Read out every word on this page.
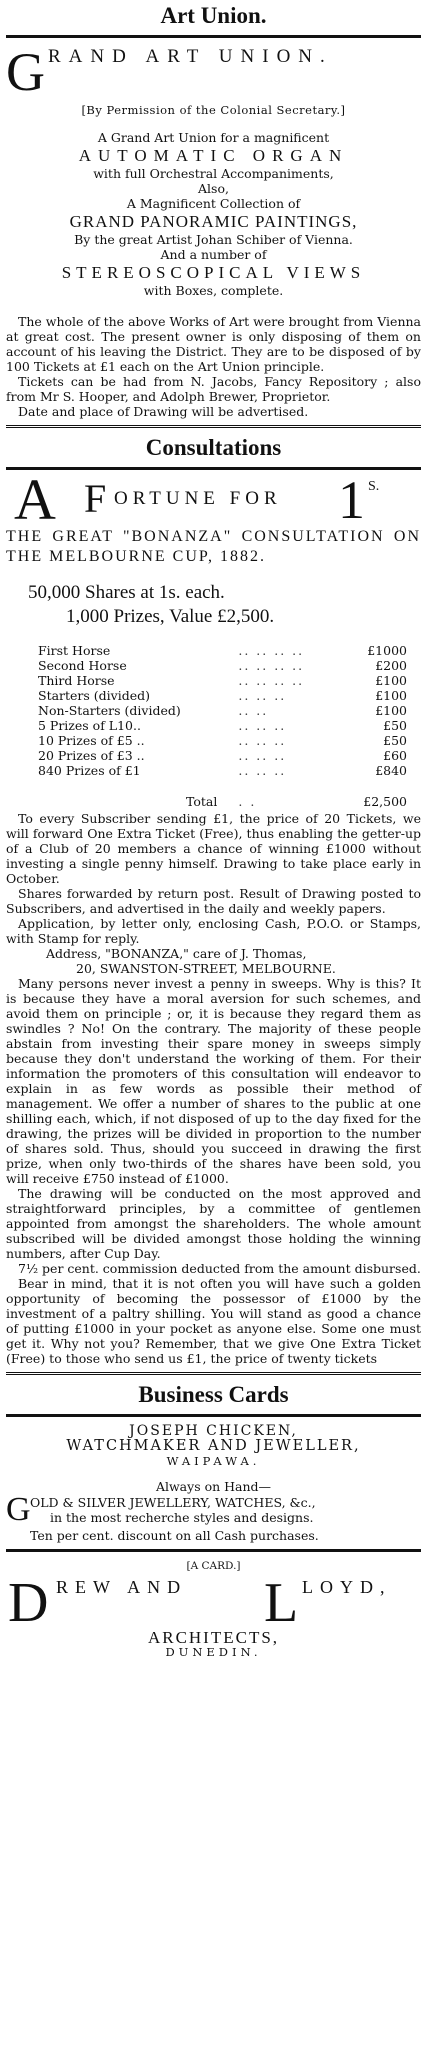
Art Union.
G RAND ART UNION.

[By Permission of the Colonial Secretary.]

A Grand Art Union for a magnificent

AUTOMATIC ORGAN

with full Orchestral Accompaniments,

Also,

A Magnificent Collection of

GRAND PANORAMIC PAINTINGS,

By the great Artist Johan Schiber of Vienna.

And a number of

STEREOSCOPICAL VIEWS

with Boxes, complete.

The whole of the above Works of Art were brought from Vienna at great cost. The present owner is only disposing of them on account of his leaving the District. They are to be disposed of by 100 Tickets at £1 each on the Art Union principle.

Tickets can be had from N. Jacobs, Fancy Repository ; also from Mr S. Hooper, and Adolph Brewer, Proprietor.

Date and place of Drawing will be advertised.

Consultations
A F ORTUNE FOR 1 S.

THE GREAT "BONANZA" CONSULTATION ON THE MELBOURNE CUP, 1882.

50,000 Shares at 1s. each.

1,000 Prizes, Value £2,500.

First Horse	.. .. .. ..	£1000
Second Horse	.. .. .. ..	£200
Third Horse	.. .. .. ..	£100
Starters (divided)	.. .. ..	£100
Non-Starters (divided)	.. ..	£100
5 Prizes of L10..	.. .. ..	£50
10 Prizes of £5 ..	.. .. ..	£50
20 Prizes of £3 ..	.. .. ..	£60
840 Prizes of £1	.. .. ..	£840
Total	. .	£2,500

To every Subscriber sending £1, the price of 20 Tickets, we will forward One Extra Ticket (Free), thus enabling the getter-up of a Club of 20 members a chance of winning £1000 without investing a single penny himself. Drawing to take place early in October.

Shares forwarded by return post. Result of Drawing posted to Subscribers, and advertised in the daily and weekly papers.

Application, by letter only, enclosing Cash, P.O.O. or Stamps, with Stamp for reply.

Address, "BONANZA," care of J. Thomas,

20, SWANSTON-STREET, MELBOURNE.

Many persons never invest a penny in sweeps. Why is this? It is because they have a moral aversion for such schemes, and avoid them on principle ; or, it is because they regard them as swindles ? No! On the contrary. The majority of these people abstain from investing their spare money in sweeps simply because they don't understand the working of them. For their information the promoters of this consultation will endeavor to explain in as few words as possible their method of management. We offer a number of shares to the public at one shilling each, which, if not disposed of up to the day fixed for the drawing, the prizes will be divided in proportion to the number of shares sold. Thus, should you succeed in drawing the first prize, when only two-thirds of the shares have been sold, you will receive £750 instead of £1000.

The drawing will be conducted on the most approved and straightforward principles, by a committee of gentlemen appointed from amongst the shareholders. The whole amount subscribed will be divided amongst those holding the winning numbers, after Cup Day.

7½ per cent. commission deducted from the amount disbursed.

Bear in mind, that it is not often you will have such a golden opportunity of becoming the possessor of £1000 by the investment of a paltry shilling. You will stand as good a chance of putting £1000 in your pocket as anyone else. Some one must get it. Why not you? Remember, that we give One Extra Ticket (Free) to those who send us £1, the price of twenty tickets

Business Cards

JOSEPH CHICKEN,

WATCHMAKER AND JEWELLER,

WAIPAWA.

Always on Hand—

G OLD & SILVER JEWELLERY, WATCHES, &c.,
in the most recherche styles and designs.

Ten per cent. discount on all Cash purchases.

[A CARD.]

D REW AND L LOYD,

ARCHITECTS,

DUNEDIN.
